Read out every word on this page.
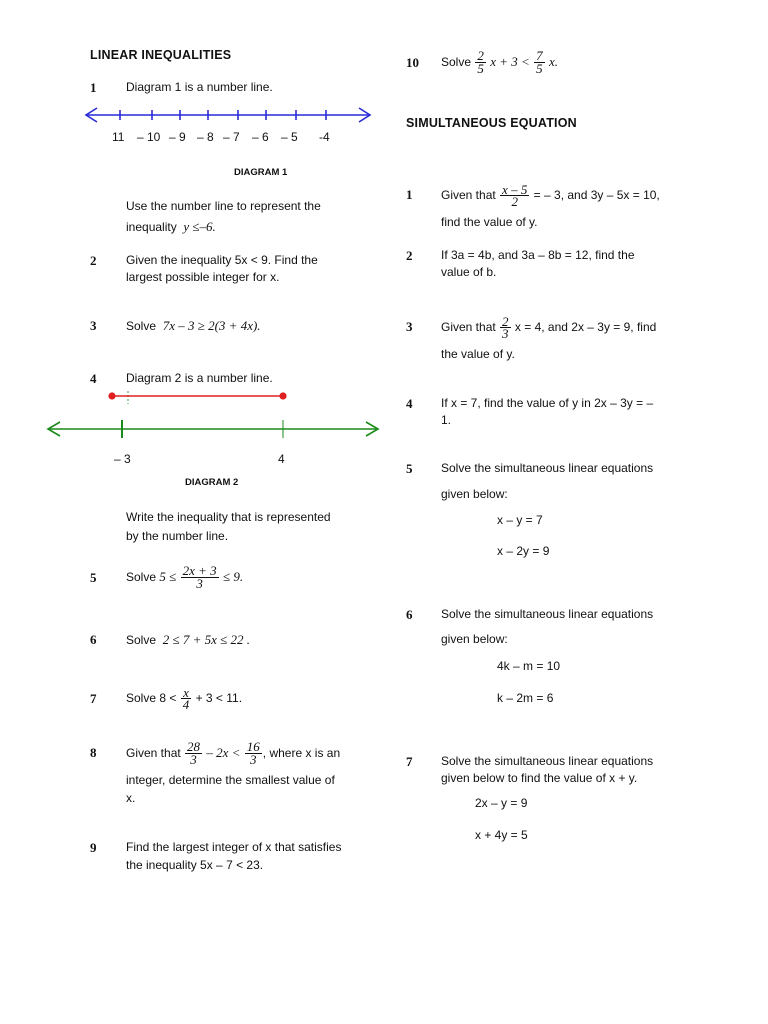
LINEAR INEQUALITIES
1 Diagram 1 is a number line.
11 – 10 – 9 – 8 – 7 – 6 – 5 -4
DIAGRAM 1
Use the number line to represent the
inequality y ≤–6.
2 Given the inequality 5x < 9. Find the
largest possible integer for x.
3 Solve 7x – 3 ≥ 2(3 + 4x).
4 Diagram 2 is a number line.
– 3	4
DIAGRAM 2
Write the inequality that is represented
by the number line.
5 Solve $5 \le \frac{2x + 3}{3} \le 9$.
6 Solve 2 ≤ 7 + 5x ≤ 22 .
7 Solve $8 < \frac{x}{4} + 3 < 11$.
8 Given that $\frac{28}{3} - 2x < \frac{16}{3}$ , where x is an
integer, determine the smallest value of
x.
9 Find the largest integer of x that satisfies
the inequality 5x – 7 < 23.
10 Solve $\frac{2}{5}$ $x + 3 < \frac{7}{5} x$.
SIMULTANEOUS EQUATION
1 Given that $\frac{x - 5}{2}$ = – 3, and 3y – 5x = 10,
find the value of y.
2 If 3a = 4b, and 3a – 8b = 12, find the
value of b.
3 Given that $\frac{2}{3}$ x = 4, and 2x – 3y = 9, find
the value of y.
4 If x = 7, find the value of y in 2x – 3y = –
1.
5 Solve the simultaneous linear equations
given below:
x – y = 7
x – 2y = 9
6 Solve the simultaneous linear equations
given below:
4k – m = 10
k – 2m = 6
7 Solve the simultaneous linear equations
given below to find the value of x + y.
2x – y = 9
x + 4y = 5
